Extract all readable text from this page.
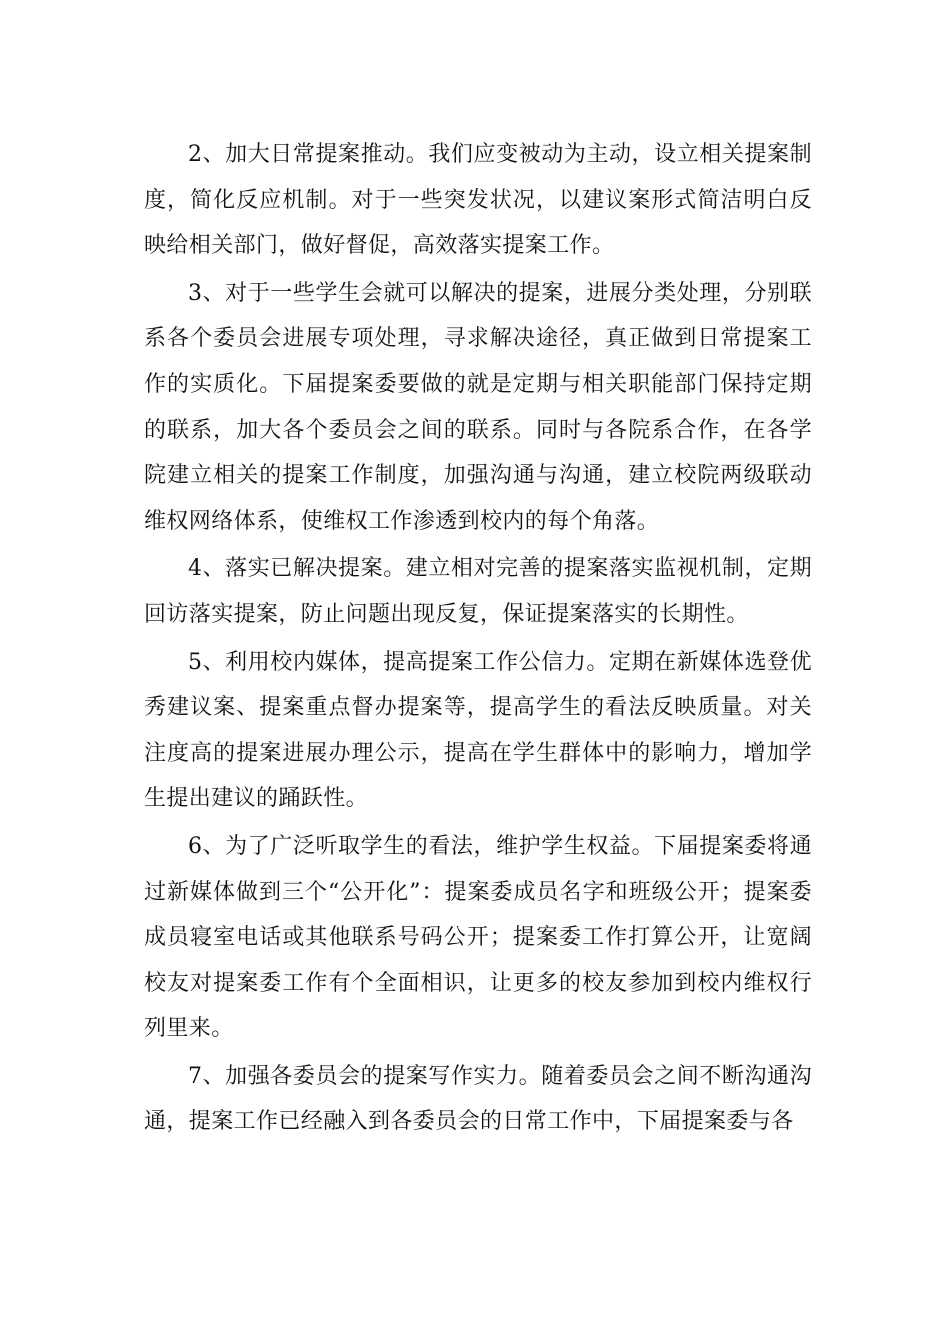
2、加大日常提案推动。我们应变被动为主动，设立相关提案制度，简化反应机制。对于一些突发状况，以建议案形式简洁明白反映给相关部门，做好督促，高效落实提案工作。

3、对于一些学生会就可以解决的提案，进展分类处理，分别联系各个委员会进展专项处理，寻求解决途径，真正做到日常提案工作的实质化。下届提案委要做的就是定期与相关职能部门保持定期的联系，加大各个委员会之间的联系。同时与各院系合作，在各学院建立相关的提案工作制度，加强沟通与沟通，建立校院两级联动维权网络体系，使维权工作渗透到校内的每个角落。

4、落实已解决提案。建立相对完善的提案落实监视机制，定期回访落实提案，防止问题出现反复，保证提案落实的长期性。

5、利用校内媒体，提高提案工作公信力。定期在新媒体选登优秀建议案、提案重点督办提案等，提高学生的看法反映质量。对关注度高的提案进展办理公示，提高在学生群体中的影响力，增加学生提出建议的踊跃性。

6、为了广泛听取学生的看法，维护学生权益。下届提案委将通过新媒体做到三个“公开化”：提案委成员名字和班级公开；提案委成员寝室电话或其他联系号码公开；提案委工作打算公开，让宽阔校友对提案委工作有个全面相识，让更多的校友参加到校内维权行列里来。

7、加强各委员会的提案写作实力。随着委员会之间不断沟通沟通，提案工作已经融入到各委员会的日常工作中，下届提案委与各
